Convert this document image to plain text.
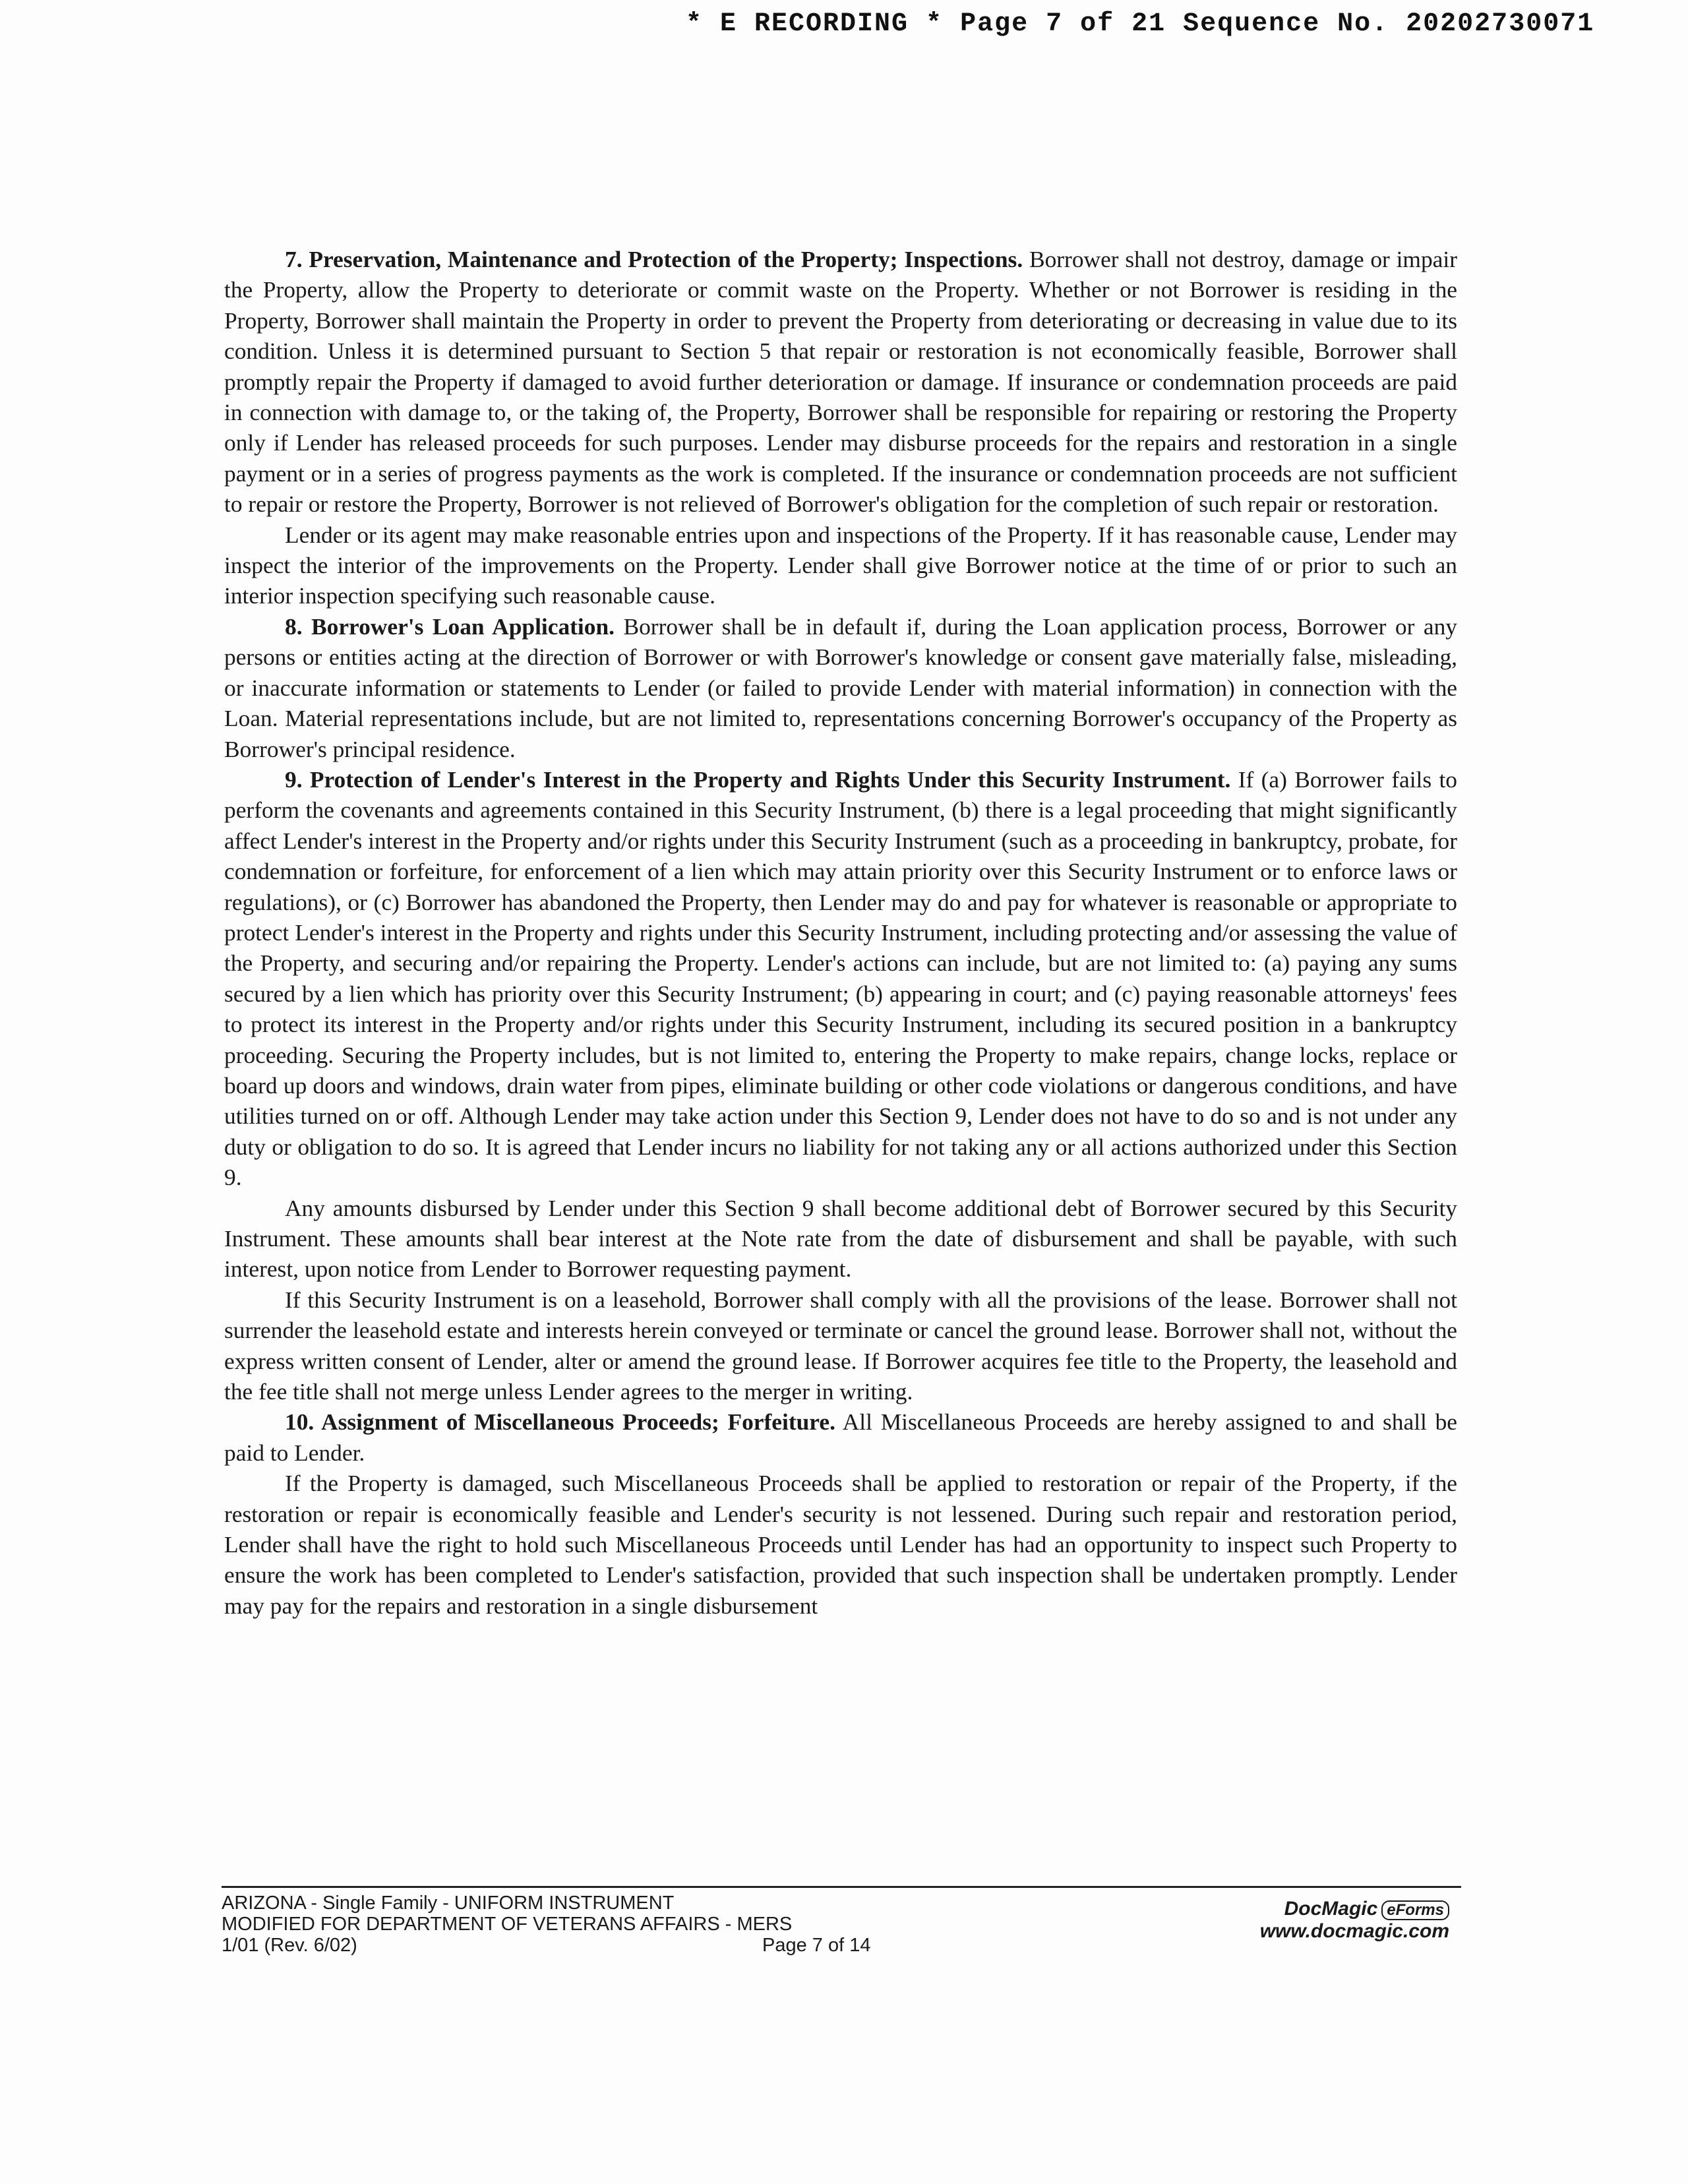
* E RECORDING * Page 7 of 21 Sequence No. 20202730071

7. Preservation, Maintenance and Protection of the Property; Inspections. Borrower shall not destroy, damage or impair the Property, allow the Property to deteriorate or commit waste on the Property. Whether or not Borrower is residing in the Property, Borrower shall maintain the Property in order to prevent the Property from deteriorating or decreasing in value due to its condition. Unless it is determined pursuant to Section 5 that repair or restoration is not economically feasible, Borrower shall promptly repair the Property if damaged to avoid further deterioration or damage. If insurance or condemnation proceeds are paid in connection with damage to, or the taking of, the Property, Borrower shall be responsible for repairing or restoring the Property only if Lender has released proceeds for such purposes. Lender may disburse proceeds for the repairs and restoration in a single payment or in a series of progress payments as the work is completed. If the insurance or condemnation proceeds are not sufficient to repair or restore the Property, Borrower is not relieved of Borrower's obligation for the completion of such repair or restoration.

Lender or its agent may make reasonable entries upon and inspections of the Property. If it has reasonable cause, Lender may inspect the interior of the improvements on the Property. Lender shall give Borrower notice at the time of or prior to such an interior inspection specifying such reasonable cause.

8. Borrower's Loan Application. Borrower shall be in default if, during the Loan application process, Borrower or any persons or entities acting at the direction of Borrower or with Borrower's knowledge or consent gave materially false, misleading, or inaccurate information or statements to Lender (or failed to provide Lender with material information) in connection with the Loan. Material representations include, but are not limited to, representations concerning Borrower's occupancy of the Property as Borrower's principal residence.

9. Protection of Lender's Interest in the Property and Rights Under this Security Instrument. If (a) Borrower fails to perform the covenants and agreements contained in this Security Instrument, (b) there is a legal proceeding that might significantly affect Lender's interest in the Property and/or rights under this Security Instrument (such as a proceeding in bankruptcy, probate, for condemnation or forfeiture, for enforcement of a lien which may attain priority over this Security Instrument or to enforce laws or regulations), or (c) Borrower has abandoned the Property, then Lender may do and pay for whatever is reasonable or appropriate to protect Lender's interest in the Property and rights under this Security Instrument, including protecting and/or assessing the value of the Property, and securing and/or repairing the Property. Lender's actions can include, but are not limited to: (a) paying any sums secured by a lien which has priority over this Security Instrument; (b) appearing in court; and (c) paying reasonable attorneys' fees to protect its interest in the Property and/or rights under this Security Instrument, including its secured position in a bankruptcy proceeding. Securing the Property includes, but is not limited to, entering the Property to make repairs, change locks, replace or board up doors and windows, drain water from pipes, eliminate building or other code violations or dangerous conditions, and have utilities turned on or off. Although Lender may take action under this Section 9, Lender does not have to do so and is not under any duty or obligation to do so. It is agreed that Lender incurs no liability for not taking any or all actions authorized under this Section 9.

Any amounts disbursed by Lender under this Section 9 shall become additional debt of Borrower secured by this Security Instrument. These amounts shall bear interest at the Note rate from the date of disbursement and shall be payable, with such interest, upon notice from Lender to Borrower requesting payment.

If this Security Instrument is on a leasehold, Borrower shall comply with all the provisions of the lease. Borrower shall not surrender the leasehold estate and interests herein conveyed or terminate or cancel the ground lease. Borrower shall not, without the express written consent of Lender, alter or amend the ground lease. If Borrower acquires fee title to the Property, the leasehold and the fee title shall not merge unless Lender agrees to the merger in writing.

10. Assignment of Miscellaneous Proceeds; Forfeiture. All Miscellaneous Proceeds are hereby assigned to and shall be paid to Lender.

If the Property is damaged, such Miscellaneous Proceeds shall be applied to restoration or repair of the Property, if the restoration or repair is economically feasible and Lender's security is not lessened. During such repair and restoration period, Lender shall have the right to hold such Miscellaneous Proceeds until Lender has had an opportunity to inspect such Property to ensure the work has been completed to Lender's satisfaction, provided that such inspection shall be undertaken promptly. Lender may pay for the repairs and restoration in a single disbursement

ARIZONA - Single Family - UNIFORM INSTRUMENT
MODIFIED FOR DEPARTMENT OF VETERANS AFFAIRS - MERS
1/01 (Rev. 6/02)	Page 7 of 14
DocMagic eForms
www.docmagic.com
